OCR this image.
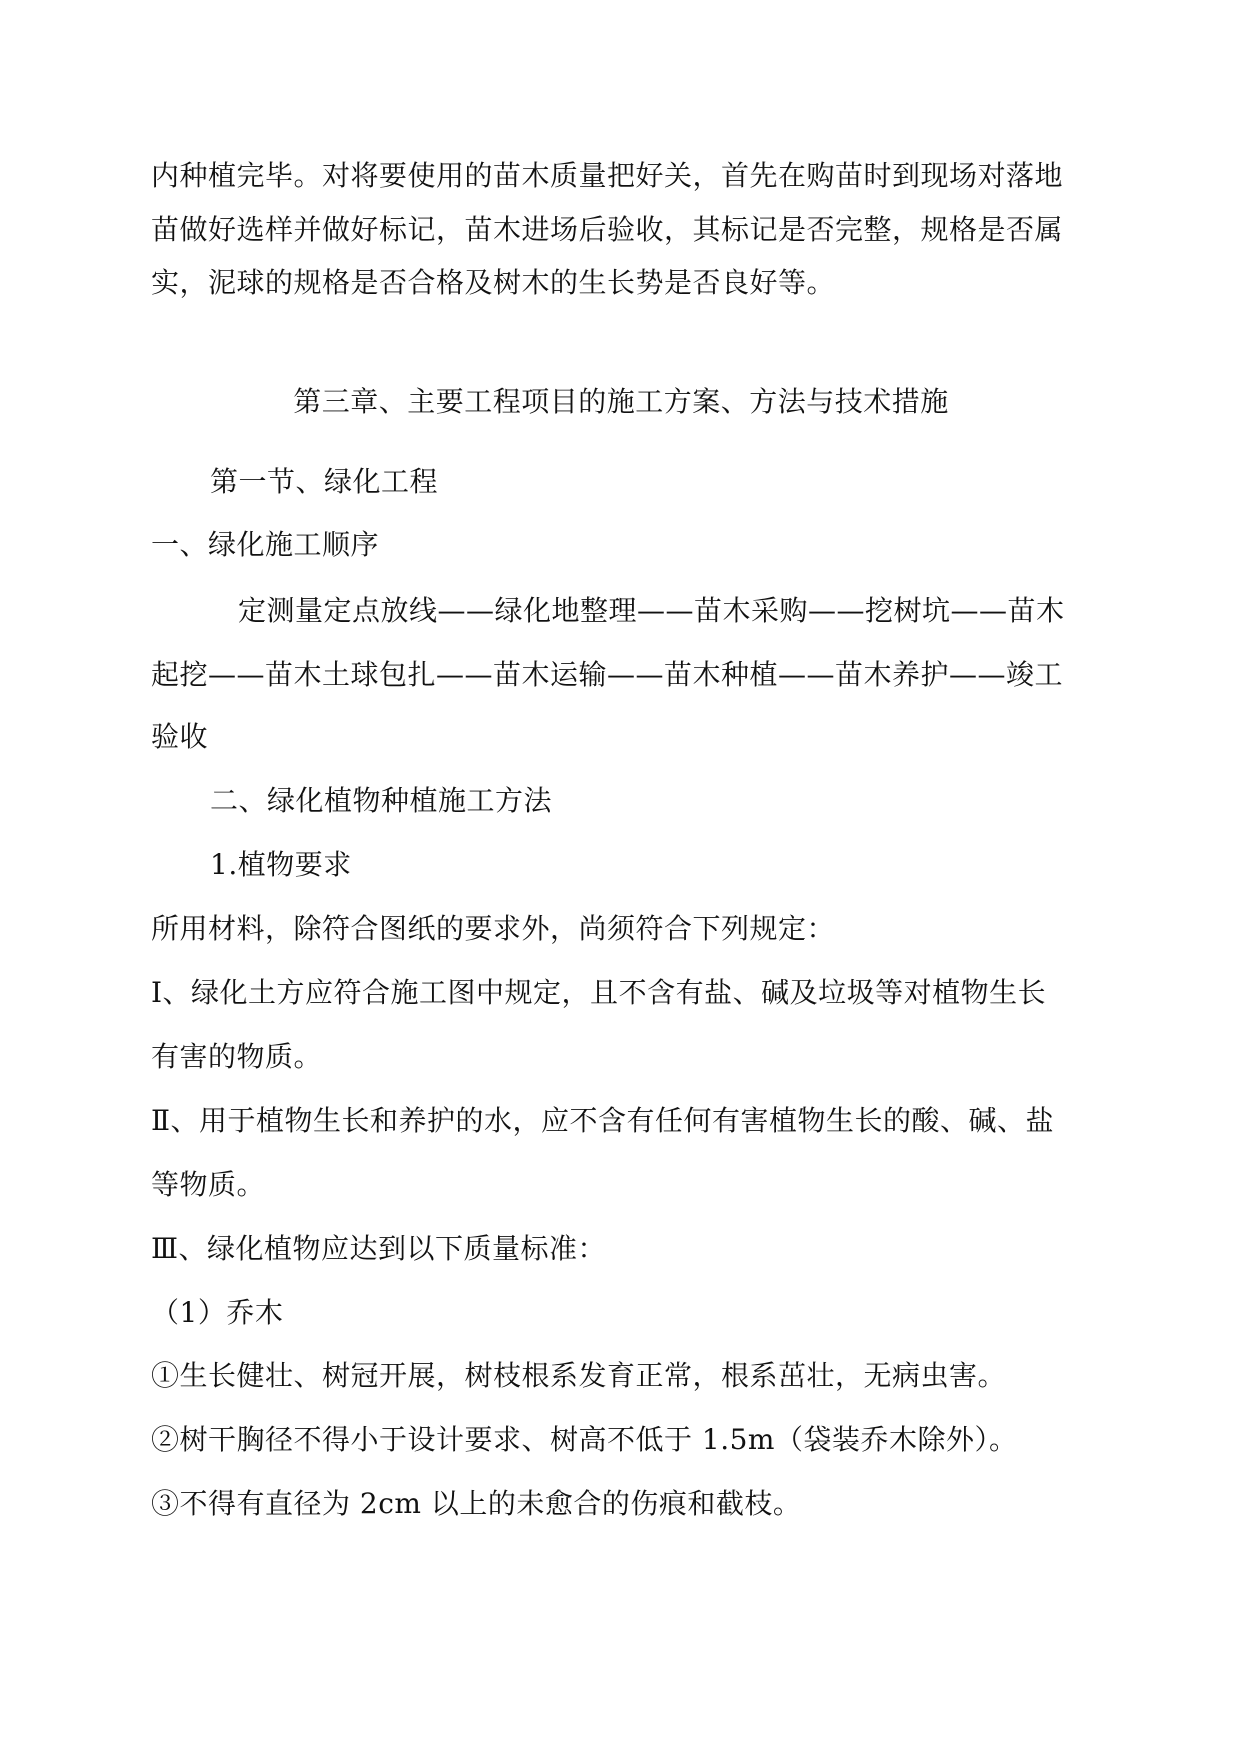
内种植完毕。对将要使用的苗木质量把好关，首先在购苗时到现场对落地
苗做好选样并做好标记，苗木进场后验收，其标记是否完整，规格是否属
实，泥球的规格是否合格及树木的生长势是否良好等。
第三章、主要工程项目的施工方案、方法与技术措施
第一节、绿化工程
一、绿化施工顺序
定测量定点放线——绿化地整理——苗木采购——挖树坑——苗木
起挖——苗木土球包扎——苗木运输——苗木种植——苗木养护——竣工
验收
二、绿化植物种植施工方法
1.植物要求
所用材料，除符合图纸的要求外，尚须符合下列规定：
Ⅰ、绿化土方应符合施工图中规定，且不含有盐、碱及垃圾等对植物生长
有害的物质。
Ⅱ、用于植物生长和养护的水，应不含有任何有害植物生长的酸、碱、盐
等物质。
Ⅲ、绿化植物应达到以下质量标准：
（1）乔木
①生长健壮、树冠开展，树枝根系发育正常，根系茁壮，无病虫害。
②树干胸径不得小于设计要求、树高不低于 1.5m（袋装乔木除外）。
③不得有直径为 2cm 以上的未愈合的伤痕和截枝。
